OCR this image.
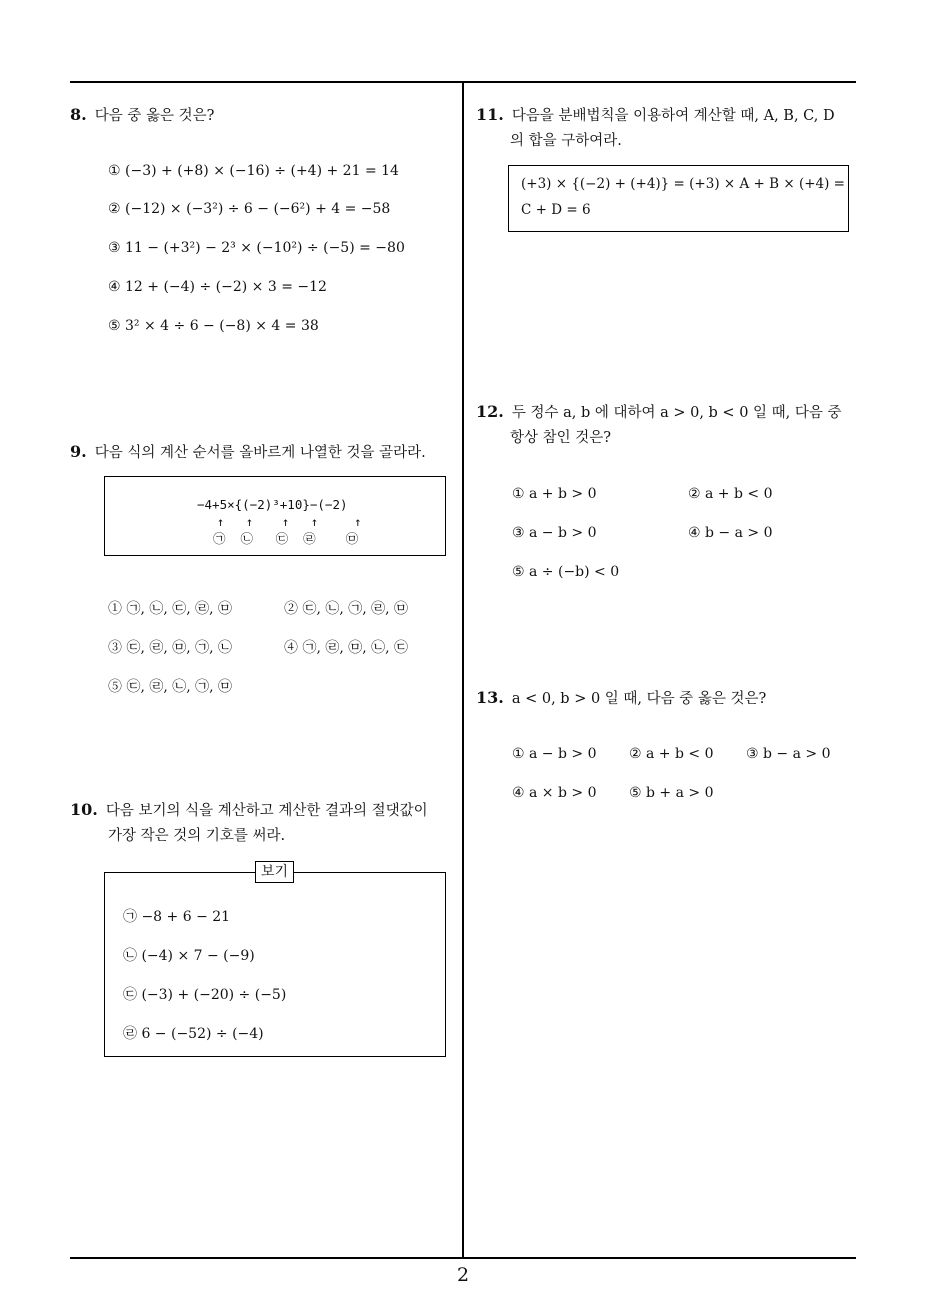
8. 다음 중 옳은 것은?
① (−3) + (+8) × (−16) ÷ (+4) + 21 = 14
② (−12) × (−3²) ÷ 6 − (−6²) + 4 = −58
③ 11 − (+3²) − 2³ × (−10²) ÷ (−5) = −80
④ 12 + (−4) ÷ (−2) × 3 = −12
⑤ 3² × 4 ÷ 6 − (−8) × 4 = 38
9. 다음 식의 계산 순서를 올바르게 나열한 것을 골라라.
−4+5×{(−2)³+10}−(−2)
↑   ↑    ↑   ↑     ↑
㉠  ㉡   ㉢  ㉣    ㉤
① ㉠, ㉡, ㉢, ㉣, ㉤	② ㉢, ㉡, ㉠, ㉣, ㉤
③ ㉢, ㉣, ㉤, ㉠, ㉡	④ ㉠, ㉣, ㉤, ㉡, ㉢
⑤ ㉢, ㉣, ㉡, ㉠, ㉤
10. 다음 보기의 식을 계산하고 계산한 결과의 절댓값이
가장 작은 것의 기호를 써라.
㉠ −8 + 6 − 21
㉡ (−4) × 7 − (−9)
㉢ (−3) + (−20) ÷ (−5)
㉣ 6 − (−52) ÷ (−4)
보기
11. 다음을 분배법칙을 이용하여 계산할 때, A, B, C, D
의 합을 구하여라.
(+3) × {(−2) + (+4)} = (+3) × A + B × (+4) =
C + D = 6
12. 두 정수 a, b 에 대하여 a > 0, b < 0 일 때, 다음 중
항상 참인 것은?
① a + b > 0	② a + b < 0
③ a − b > 0	④ b − a > 0
⑤ a ÷ (−b) < 0
13. a < 0, b > 0 일 때, 다음 중 옳은 것은?
① a − b > 0 ② a + b < 0 ③ b − a > 0
④ a × b > 0 ⑤ b + a > 0
2
